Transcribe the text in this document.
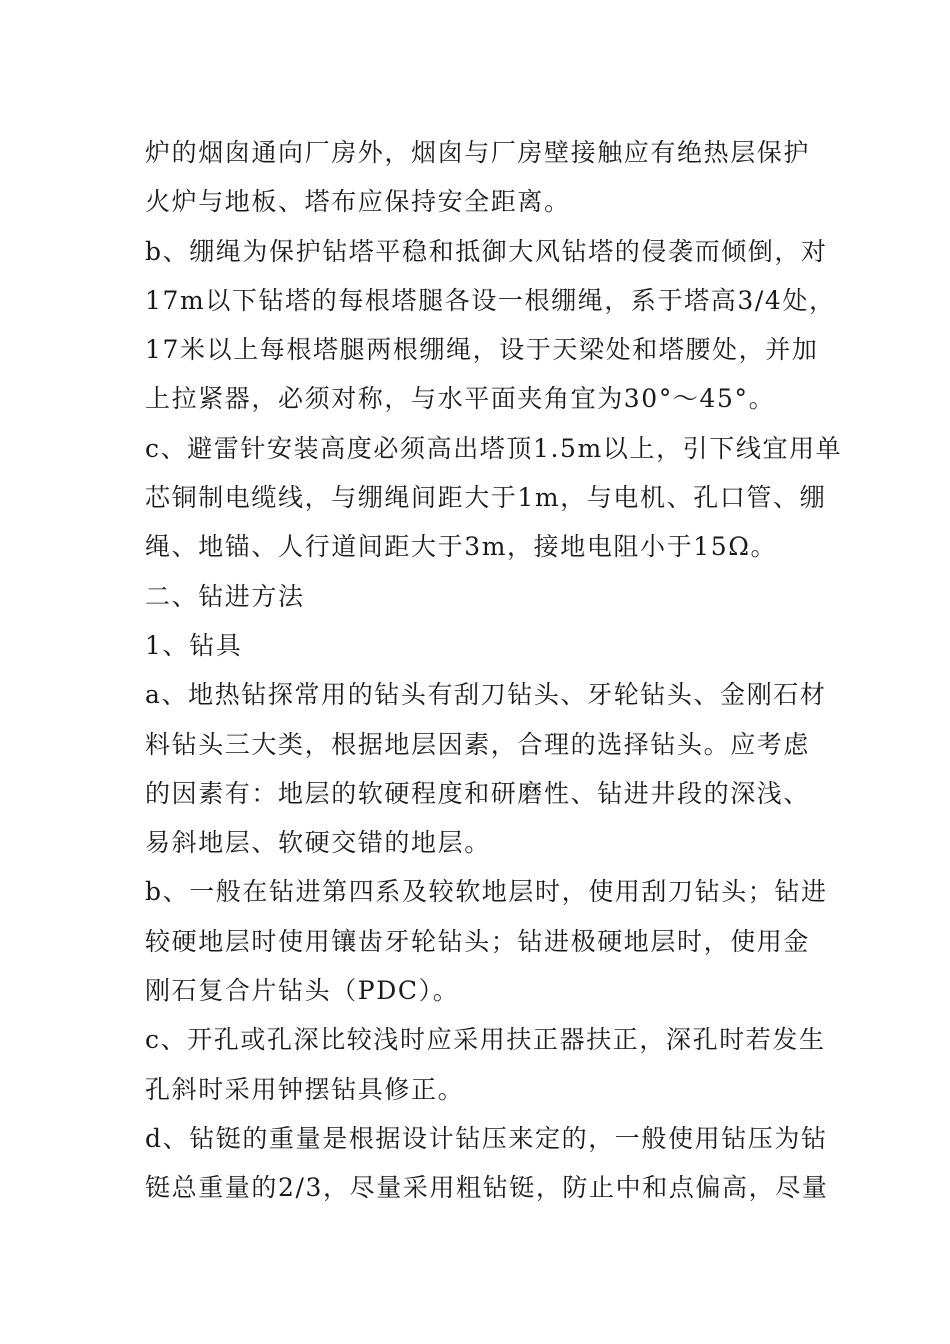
炉的烟囱通向厂房外，烟囱与厂房壁接触应有绝热层保护
火炉与地板、塔布应保持安全距离。
b、绷绳为保护钻塔平稳和抵御大风钻塔的侵袭而倾倒，对
17m以下钻塔的每根塔腿各设一根绷绳，系于塔高3/4处，
17米以上每根塔腿两根绷绳，设于天梁处和塔腰处，并加
上拉紧器，必须对称，与水平面夹角宜为30°～45°。
c、避雷针安装高度必须高出塔顶1.5m以上，引下线宜用单
芯铜制电缆线，与绷绳间距大于1m，与电机、孔口管、绷
绳、地锚、人行道间距大于3m，接地电阻小于15Ω。
二、钻进方法
1、钻具
a、地热钻探常用的钻头有刮刀钻头、牙轮钻头、金刚石材
料钻头三大类，根据地层因素，合理的选择钻头。应考虑
的因素有：地层的软硬程度和研磨性、钻进井段的深浅、
易斜地层、软硬交错的地层。
b、一般在钻进第四系及较软地层时，使用刮刀钻头；钻进
较硬地层时使用镶齿牙轮钻头；钻进极硬地层时，使用金
刚石复合片钻头（PDC）。
c、开孔或孔深比较浅时应采用扶正器扶正，深孔时若发生
孔斜时采用钟摆钻具修正。
d、钻铤的重量是根据设计钻压来定的，一般使用钻压为钻
铤总重量的2/3，尽量采用粗钻铤，防止中和点偏高，尽量
